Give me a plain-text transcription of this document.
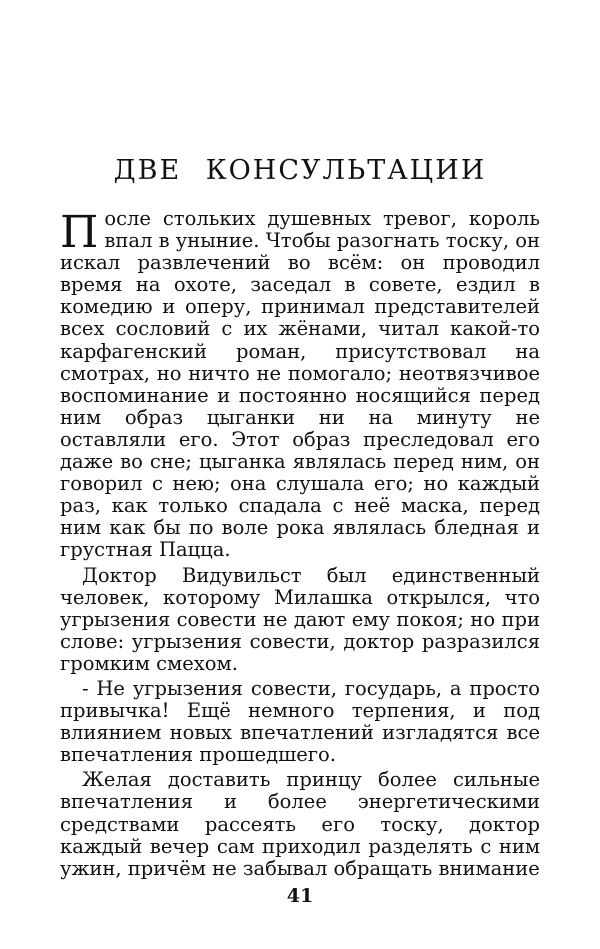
ДВЕ КОНСУЛЬТАЦИИ

После стольких душевных тревог, король впал в уныние. Чтобы разогнать тоску, он искал развлечений во всём: он проводил время на охоте, заседал в совете, ездил в комедию и оперу, принимал представителей всех сословий с их жёнами, читал какой-то карфагенский роман, присутствовал на смотрах, но ничто не помогало; неотвязчивое воспоминание и постоянно носящийся перед ним образ цыганки ни на минуту не оставляли его. Этот образ преследовал его даже во сне; цыганка являлась перед ним, он говорил с нею; она слушала его; но каждый раз, как только спадала с неё маска, перед ним как бы по воле рока являлась бледная и грустная Пацца.

Доктор Видувильст был единственный человек, которому Милашка открылся, что угрызения совести не дают ему покоя; но при слове: угрызения совести, доктор разразился громким смехом.

- Не угрызения совести, государь, а просто привычка! Ещё немного терпения, и под влиянием новых впечатлений изгладятся все впечатления прошедшего.

Желая доставить принцу более сильные впечатления и более энергетическими средствами рассеять его тоску, доктор каждый вечер сам приходил разделять с ним ужин, причём не забывал обращать внимание

41
